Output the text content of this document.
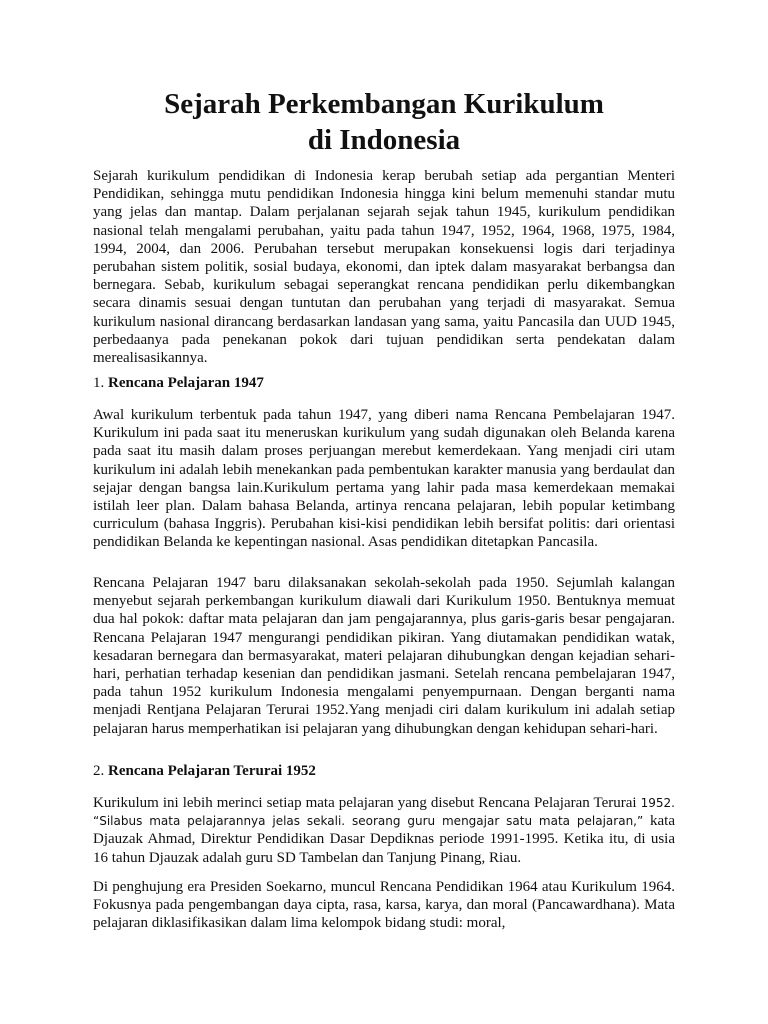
Sejarah Perkembangan Kurikulum
di Indonesia

Sejarah kurikulum pendidikan di Indonesia kerap berubah setiap ada pergantian Menteri Pendidikan, sehingga mutu pendidikan Indonesia hingga kini belum memenuhi standar mutu yang jelas dan mantap. Dalam perjalanan sejarah sejak tahun 1945, kurikulum pendidikan nasional telah mengalami perubahan, yaitu pada tahun 1947, 1952, 1964, 1968, 1975, 1984, 1994, 2004, dan 2006. Perubahan tersebut merupakan konsekuensi logis dari terjadinya perubahan sistem politik, sosial budaya, ekonomi, dan iptek dalam masyarakat berbangsa dan bernegara. Sebab, kurikulum sebagai seperangkat rencana pendidikan perlu dikembangkan secara dinamis sesuai dengan tuntutan dan perubahan yang terjadi di masyarakat. Semua kurikulum nasional dirancang berdasarkan landasan yang sama, yaitu Pancasila dan UUD 1945, perbedaanya pada penekanan pokok dari tujuan pendidikan serta pendekatan dalam merealisasikannya.

1. Rencana Pelajaran 1947

Awal kurikulum terbentuk pada tahun 1947, yang diberi nama Rencana Pembelajaran 1947. Kurikulum ini pada saat itu meneruskan kurikulum yang sudah digunakan oleh Belanda karena pada saat itu masih dalam proses perjuangan merebut kemerdekaan. Yang menjadi ciri utam kurikulum ini adalah lebih menekankan pada pembentukan karakter manusia yang berdaulat dan sejajar dengan bangsa lain.Kurikulum pertama yang lahir pada masa kemerdekaan memakai istilah leer plan. Dalam bahasa Belanda, artinya rencana pelajaran, lebih popular ketimbang curriculum (bahasa Inggris). Perubahan kisi-kisi pendidikan lebih bersifat politis: dari orientasi pendidikan Belanda ke kepentingan nasional. Asas pendidikan ditetapkan Pancasila.

Rencana Pelajaran 1947 baru dilaksanakan sekolah-sekolah pada 1950. Sejumlah kalangan menyebut sejarah perkembangan kurikulum diawali dari Kurikulum 1950. Bentuknya memuat dua hal pokok: daftar mata pelajaran dan jam pengajarannya, plus garis-garis besar pengajaran. Rencana Pelajaran 1947 mengurangi pendidikan pikiran. Yang diutamakan pendidikan watak, kesadaran bernegara dan bermasyarakat, materi pelajaran dihubungkan dengan kejadian sehari-hari, perhatian terhadap kesenian dan pendidikan jasmani. Setelah rencana pembelajaran 1947, pada tahun 1952 kurikulum Indonesia mengalami penyempurnaan. Dengan berganti nama menjadi Rentjana Pelajaran Terurai 1952.Yang menjadi ciri dalam kurikulum ini adalah setiap pelajaran harus memperhatikan isi pelajaran yang dihubungkan dengan kehidupan sehari-hari.

2. Rencana Pelajaran Terurai 1952

Kurikulum ini lebih merinci setiap mata pelajaran yang disebut Rencana Pelajaran Terurai 1952. “Silabus mata pelajarannya jelas sekali. seorang guru mengajar satu mata pelajaran,” kata Djauzak Ahmad, Direktur Pendidikan Dasar Depdiknas periode 1991-1995. Ketika itu, di usia 16 tahun Djauzak adalah guru SD Tambelan dan Tanjung Pinang, Riau.

Di penghujung era Presiden Soekarno, muncul Rencana Pendidikan 1964 atau Kurikulum 1964. Fokusnya pada pengembangan daya cipta, rasa, karsa, karya, dan moral (Pancawardhana). Mata pelajaran diklasifikasikan dalam lima kelompok bidang studi: moral,
